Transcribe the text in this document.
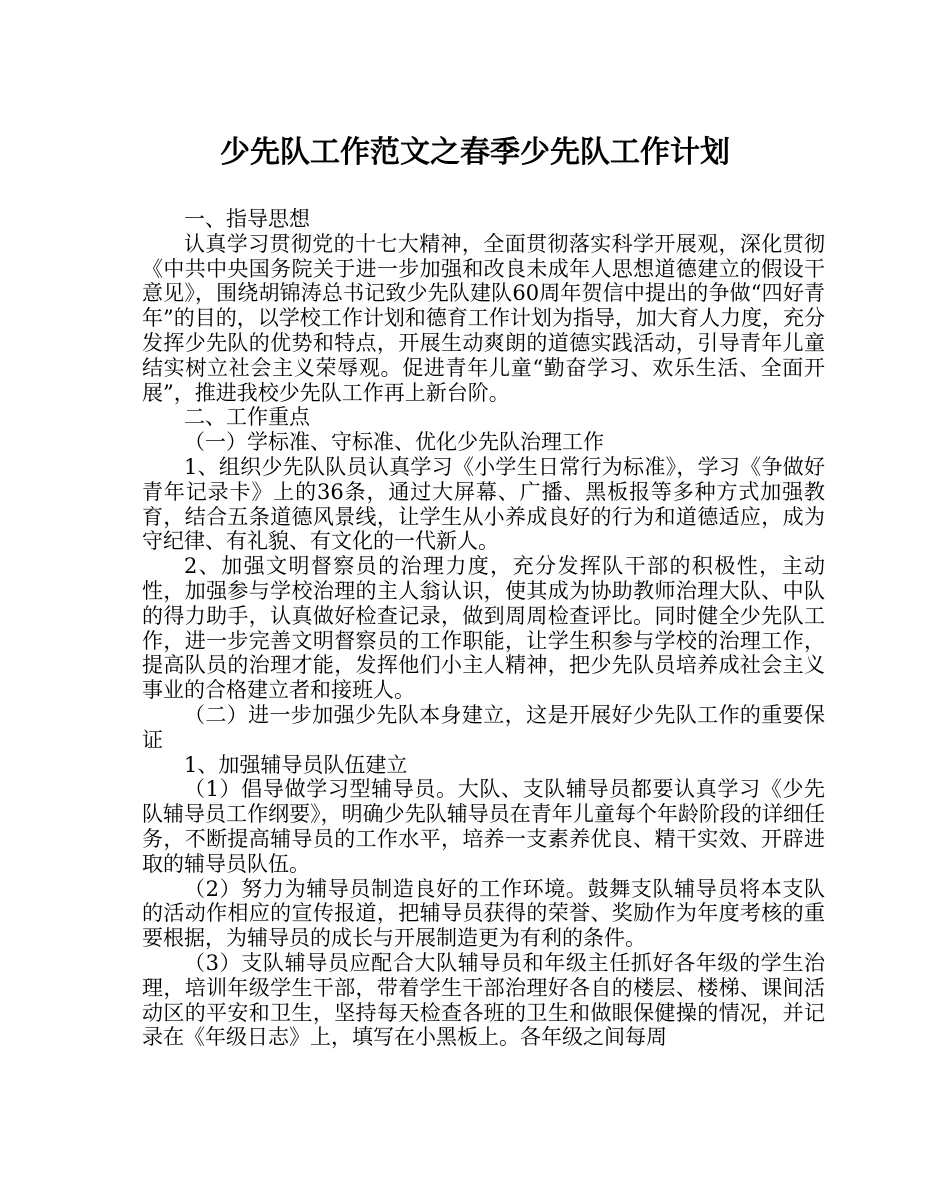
少先队工作范文之春季少先队工作计划

一、指导思想

认真学习贯彻党的十七大精神，全面贯彻落实科学开展观，深化贯彻《中共中央国务院关于进一步加强和改良未成年人思想道德建立的假设干意见》，围绕胡锦涛总书记致少先队建队60周年贺信中提出的争做“四好青年”的目的，以学校工作计划和德育工作计划为指导，加大育人力度，充分发挥少先队的优势和特点，开展生动爽朗的道德实践活动，引导青年儿童结实树立社会主义荣辱观。促进青年儿童“勤奋学习、欢乐生活、全面开展”，推进我校少先队工作再上新台阶。

二、工作重点

（一）学标准、守标准、优化少先队治理工作

1、组织少先队队员认真学习《小学生日常行为标准》，学习《争做好青年记录卡》上的36条，通过大屏幕、广播、黑板报等多种方式加强教育，结合五条道德风景线，让学生从小养成良好的行为和道德适应，成为守纪律、有礼貌、有文化的一代新人。

2、加强文明督察员的治理力度，充分发挥队干部的积极性，主动性，加强参与学校治理的主人翁认识，使其成为协助教师治理大队、中队的得力助手，认真做好检查记录，做到周周检查评比。同时健全少先队工作，进一步完善文明督察员的工作职能，让学生积参与学校的治理工作，提高队员的治理才能，发挥他们小主人精神，把少先队员培养成社会主义事业的合格建立者和接班人。

（二）进一步加强少先队本身建立，这是开展好少先队工作的重要保证

1、加强辅导员队伍建立

（1）倡导做学习型辅导员。大队、支队辅导员都要认真学习《少先队辅导员工作纲要》，明确少先队辅导员在青年儿童每个年龄阶段的详细任务，不断提高辅导员的工作水平，培养一支素养优良、精干实效、开辟进取的辅导员队伍。

（2）努力为辅导员制造良好的工作环境。鼓舞支队辅导员将本支队的活动作相应的宣传报道，把辅导员获得的荣誉、奖励作为年度考核的重要根据，为辅导员的成长与开展制造更为有利的条件。

（3）支队辅导员应配合大队辅导员和年级主任抓好各年级的学生治理，培训年级学生干部，带着学生干部治理好各自的楼层、楼梯、课间活动区的平安和卫生，坚持每天检查各班的卫生和做眼保健操的情况，并记录在《年级日志》上，填写在小黑板上。各年级之间每周
